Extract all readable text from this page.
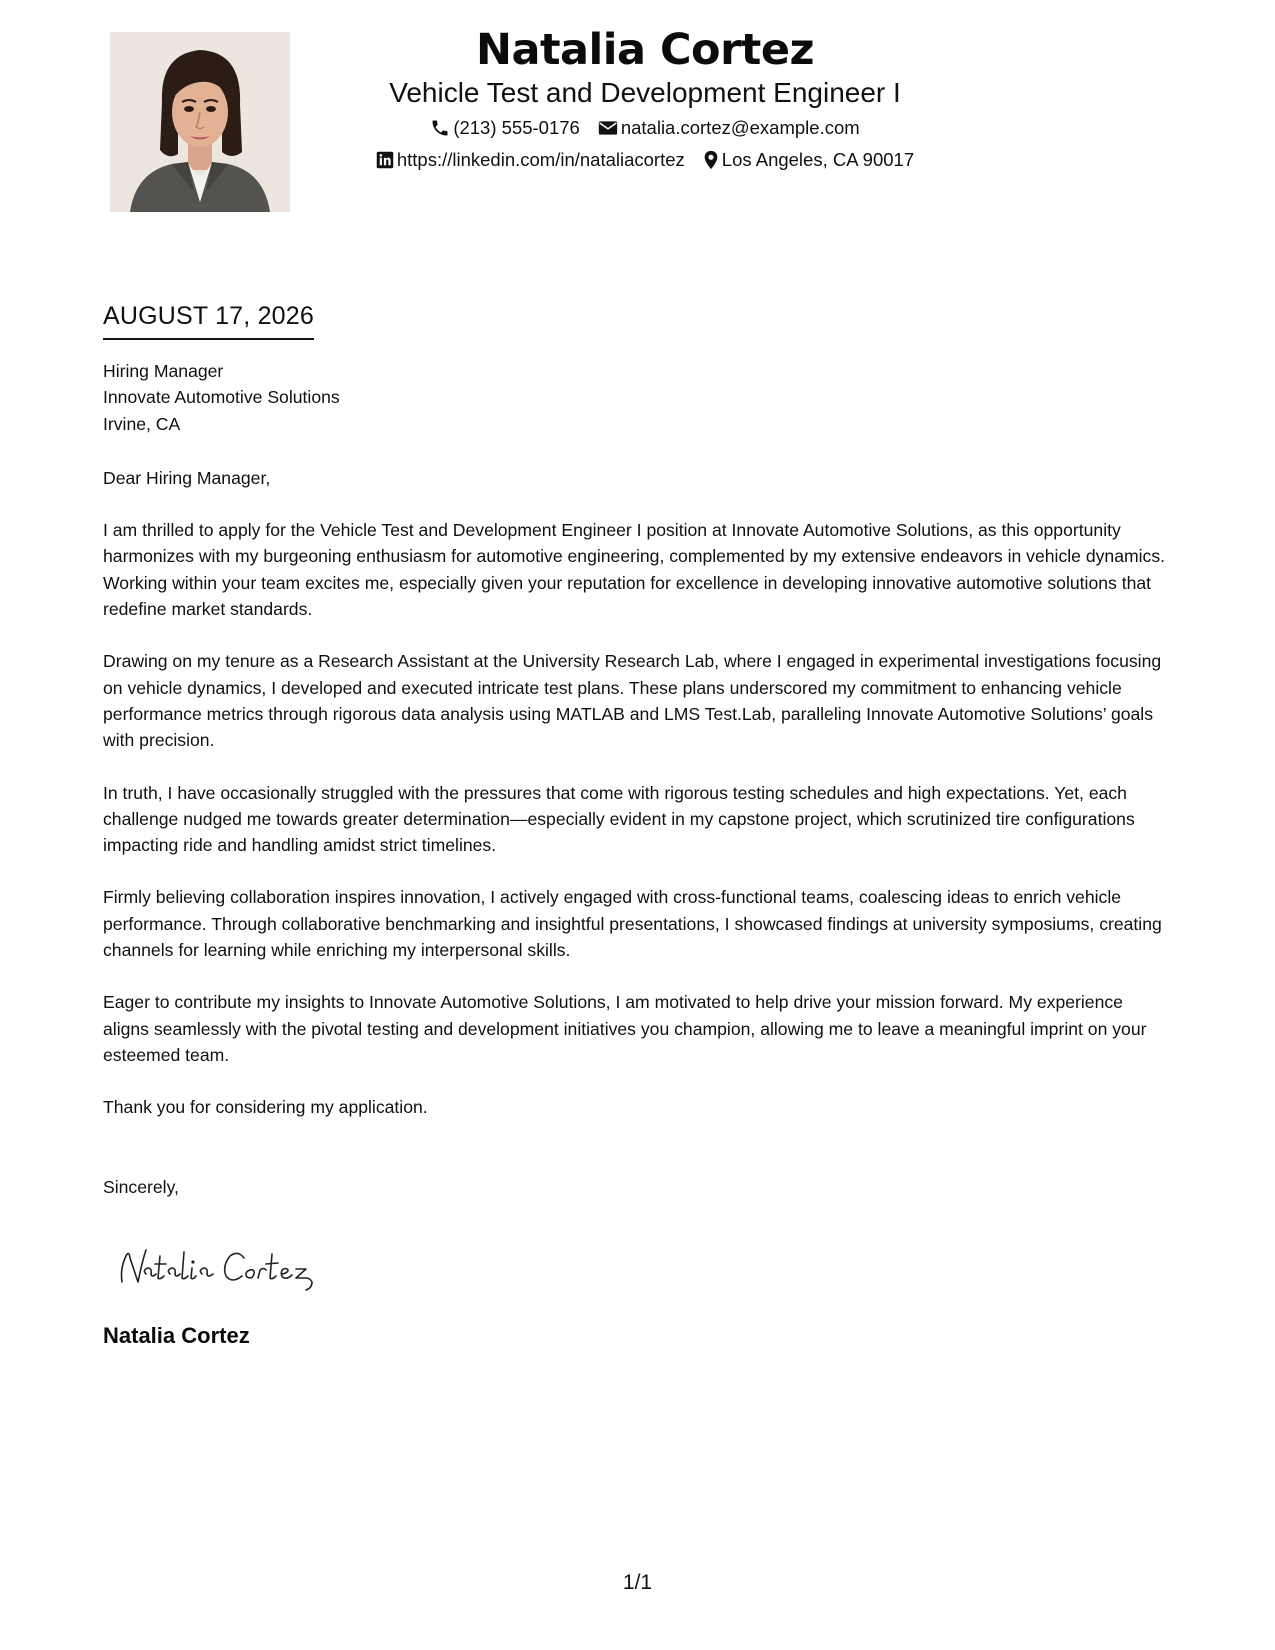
Natalia Cortez
Vehicle Test and Development Engineer I
(213) 555-0176 natalia.cortez@example.com
https://linkedin.com/in/nataliacortez Los Angeles, CA 90017
AUGUST 17, 2026
Hiring Manager
Innovate Automotive Solutions
Irvine, CA
Dear Hiring Manager,
I am thrilled to apply for the Vehicle Test and Development Engineer I position at Innovate Automotive Solutions, as this opportunity harmonizes with my burgeoning enthusiasm for automotive engineering, complemented by my extensive endeavors in vehicle dynamics. Working within your team excites me, especially given your reputation for excellence in developing innovative automotive solutions that redefine market standards.
Drawing on my tenure as a Research Assistant at the University Research Lab, where I engaged in experimental investigations focusing on vehicle dynamics, I developed and executed intricate test plans. These plans underscored my commitment to enhancing vehicle performance metrics through rigorous data analysis using MATLAB and LMS Test.Lab, paralleling Innovate Automotive Solutions’ goals with precision.
In truth, I have occasionally struggled with the pressures that come with rigorous testing schedules and high expectations. Yet, each challenge nudged me towards greater determination—especially evident in my capstone project, which scrutinized tire configurations impacting ride and handling amidst strict timelines.
Firmly believing collaboration inspires innovation, I actively engaged with cross-functional teams, coalescing ideas to enrich vehicle performance. Through collaborative benchmarking and insightful presentations, I showcased findings at university symposiums, creating channels for learning while enriching my interpersonal skills.
Eager to contribute my insights to Innovate Automotive Solutions, I am motivated to help drive your mission forward. My experience aligns seamlessly with the pivotal testing and development initiatives you champion, allowing me to leave a meaningful imprint on your esteemed team.
Thank you for considering my application.
Sincerely,
Natalia Cortez
1/1
